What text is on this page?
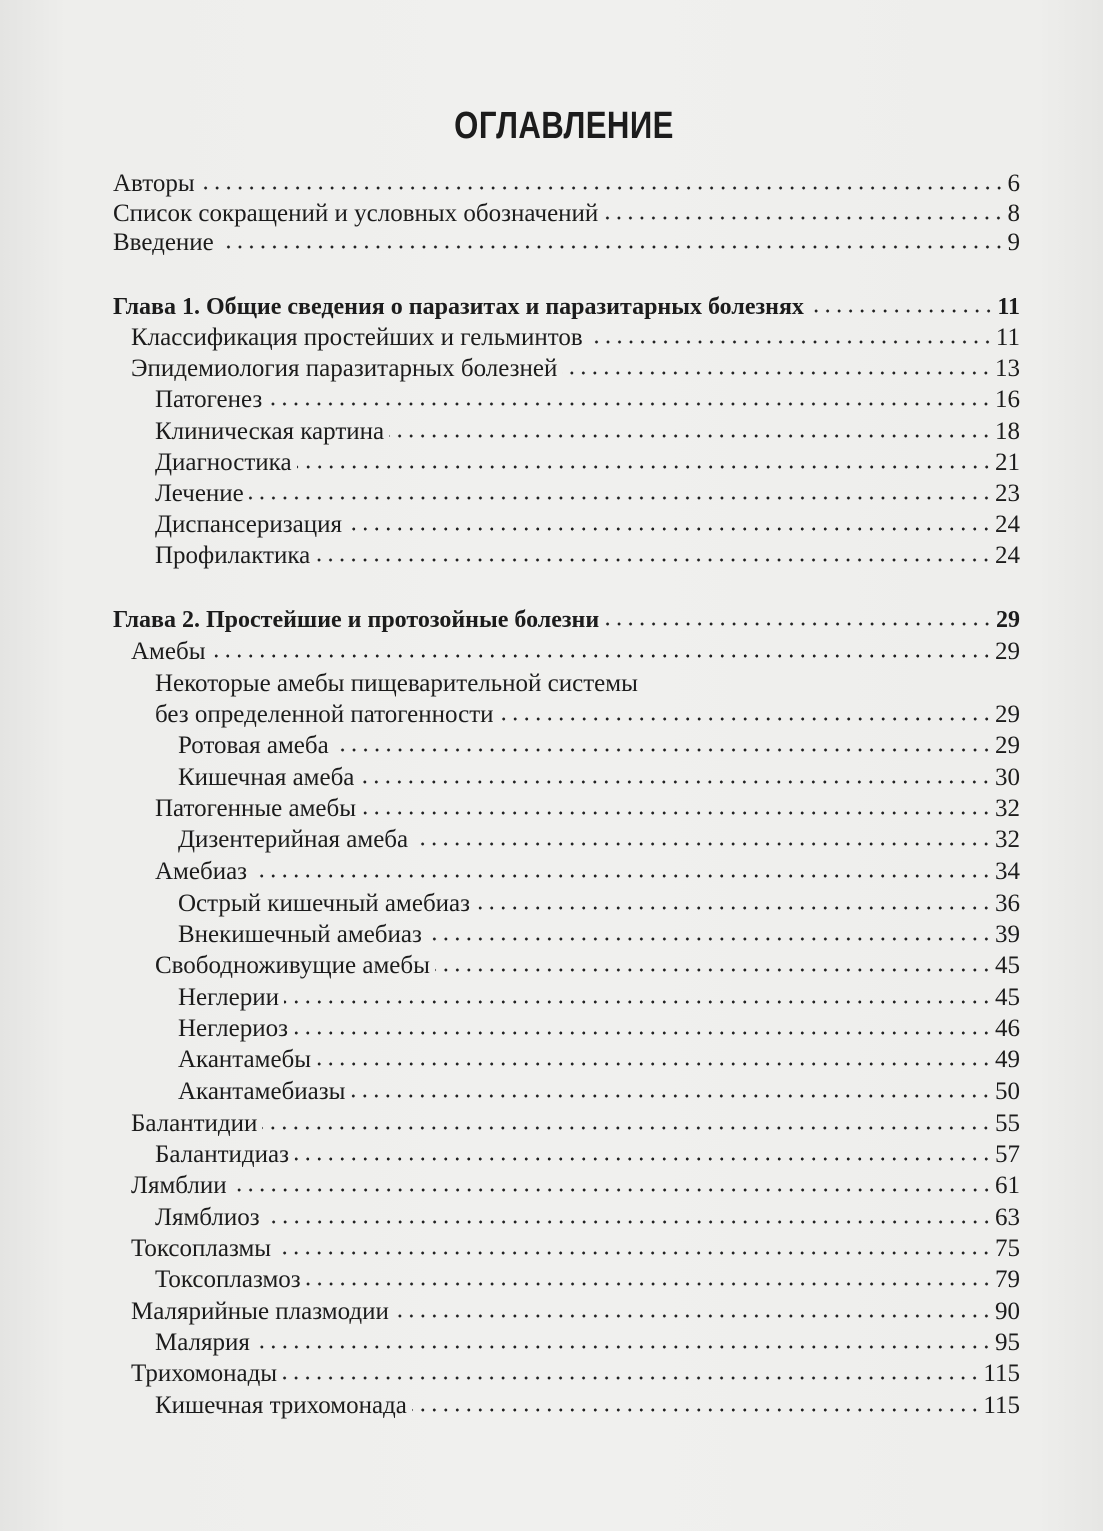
ОГЛАВЛЕНИЕ
Авторы	6
Список сокращений и условных обозначений	8
Введение	9
Глава 1. Общие сведения о паразитах и паразитарных болезнях	11
Классификация простейших и гельминтов	11
Эпидемиология паразитарных болезней	13
Патогенез	16
Клиническая картина	18
Диагностика	21
Лечение	23
Диспансеризация	24
Профилактика	24
Глава 2. Простейшие и протозойные болезни	29
Амебы	29
Некоторые амебы пищеварительной системы
без определенной патогенности	29
Ротовая амеба	29
Кишечная амеба	30
Патогенные амебы	32
Дизентерийная амеба	32
Амебиаз	34
Острый кишечный амебиаз	36
Внекишечный амебиаз	39
Свободноживущие амебы	45
Неглерии	45
Неглериоз	46
Акантамебы	49
Акантамебиазы	50
Балантидии	55
Балантидиаз	57
Лямблии	61
Лямблиоз	63
Токсоплазмы	75
Токсоплазмоз	79
Малярийные плазмодии	90
Малярия	95
Трихомонады	115
Кишечная трихомонада	115
